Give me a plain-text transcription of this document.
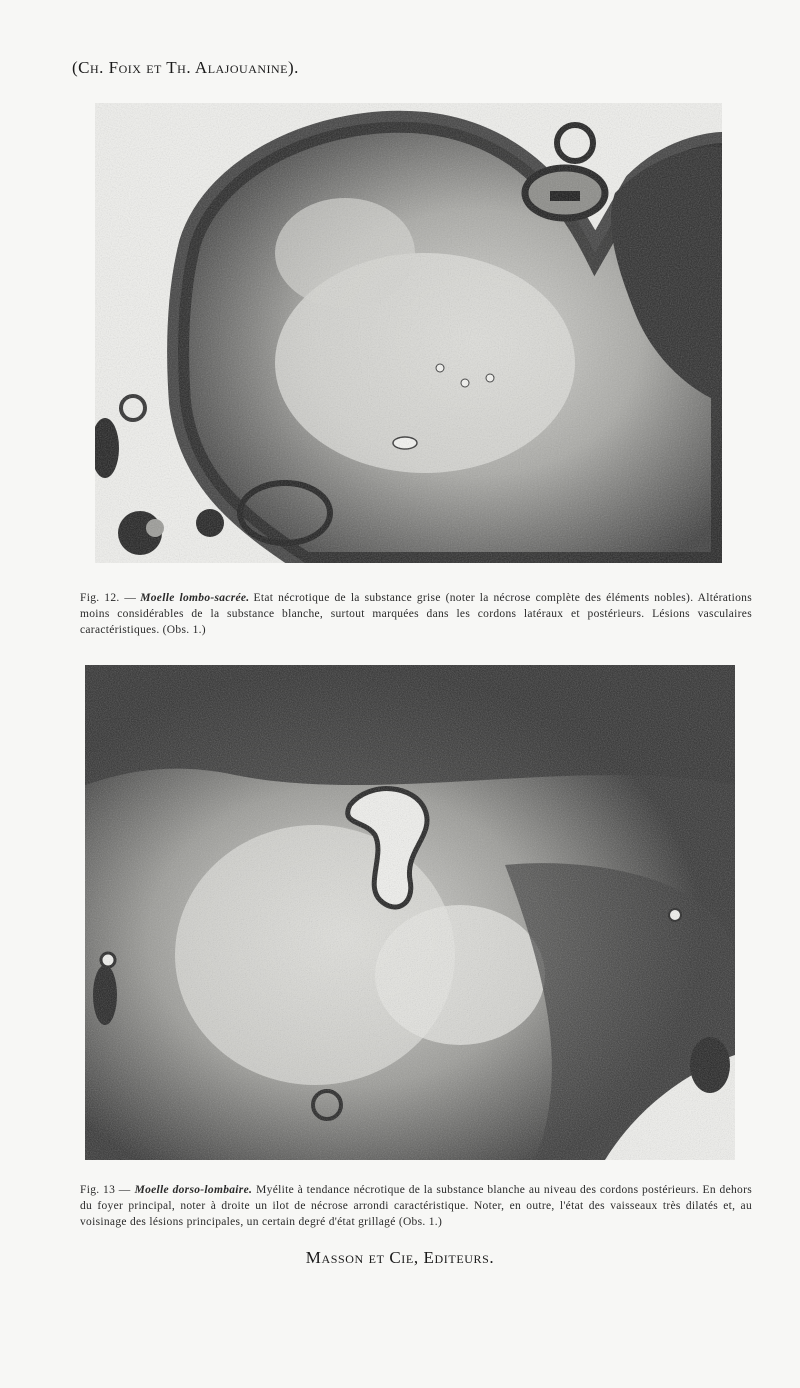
(Ch. Foix et Th. Alajouanine).
Fig. 12. — Moelle lombo-sacrée. Etat nécrotique de la substance grise (noter la nécrose complète des éléments nobles). Altérations moins considérables de la substance blanche, surtout marquées dans les cordons latéraux et postérieurs. Lésions vasculaires caractéristiques. (Obs. 1.)
Fig. 13 — Moelle dorso-lombaire. Myélite à tendance nécrotique de la substance blanche au niveau des cordons postérieurs. En dehors du foyer principal, noter à droite un ilot de nécrose arrondi caractéristique. Noter, en outre, l'état des vaisseaux très dilatés et, au voisinage des lésions principales, un certain degré d'état grillagé (Obs. 1.)
Masson et Cie, Editeurs.
